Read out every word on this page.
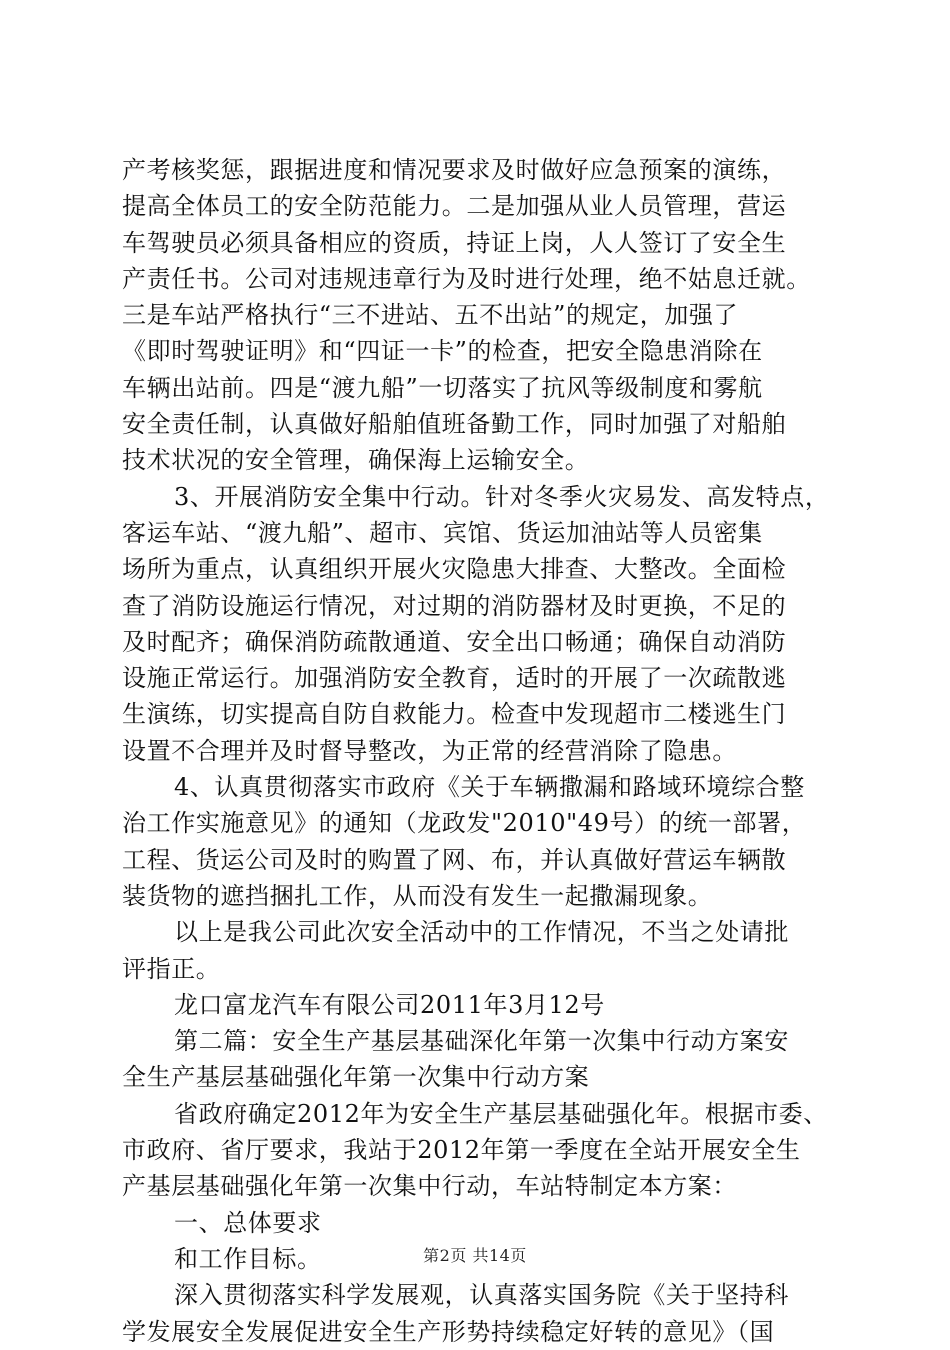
产考核奖惩，跟据进度和情况要求及时做好应急预案的演练，
提高全体员工的安全防范能力。二是加强从业人员管理，营运
车驾驶员必须具备相应的资质，持证上岗，人人签订了安全生
产责任书。公司对违规违章行为及时进行处理，绝不姑息迁就。
三是车站严格执行“三不进站、五不出站”的规定，加强了
《即时驾驶证明》和“四证一卡”的检查，把安全隐患消除在
车辆出站前。四是“渡九船”一切落实了抗风等级制度和雾航
安全责任制，认真做好船舶值班备勤工作，同时加强了对船舶
技术状况的安全管理，确保海上运输安全。
3、开展消防安全集中行动。针对冬季火灾易发、高发特点，
客运车站、“渡九船”、超市、宾馆、货运加油站等人员密集
场所为重点，认真组织开展火灾隐患大排查、大整改。全面检
查了消防设施运行情况，对过期的消防器材及时更换，不足的
及时配齐；确保消防疏散通道、安全出口畅通；确保自动消防
设施正常运行。加强消防安全教育，适时的开展了一次疏散逃
生演练，切实提高自防自救能力。检查中发现超市二楼逃生门
设置不合理并及时督导整改，为正常的经营消除了隐患。
4、认真贯彻落实市政府《关于车辆撒漏和路域环境综合整
治工作实施意见》的通知（龙政发"2010"49号）的统一部署，
工程、货运公司及时的购置了网、布，并认真做好营运车辆散
装货物的遮挡捆扎工作，从而没有发生一起撒漏现象。
以上是我公司此次安全活动中的工作情况，不当之处请批
评指正。
龙口富龙汽车有限公司2011年3月12号
第二篇：安全生产基层基础深化年第一次集中行动方案安
全生产基层基础强化年第一次集中行动方案
省政府确定2012年为安全生产基层基础强化年。根据市委、
市政府、省厅要求，我站于2012年第一季度在全站开展安全生
产基层基础强化年第一次集中行动，车站特制定本方案：
一、总体要求
和工作目标。
深入贯彻落实科学发展观，认真落实国务院《关于坚持科
学发展安全发展促进安全生产形势持续稳定好转的意见》（国
第2页 共14页
